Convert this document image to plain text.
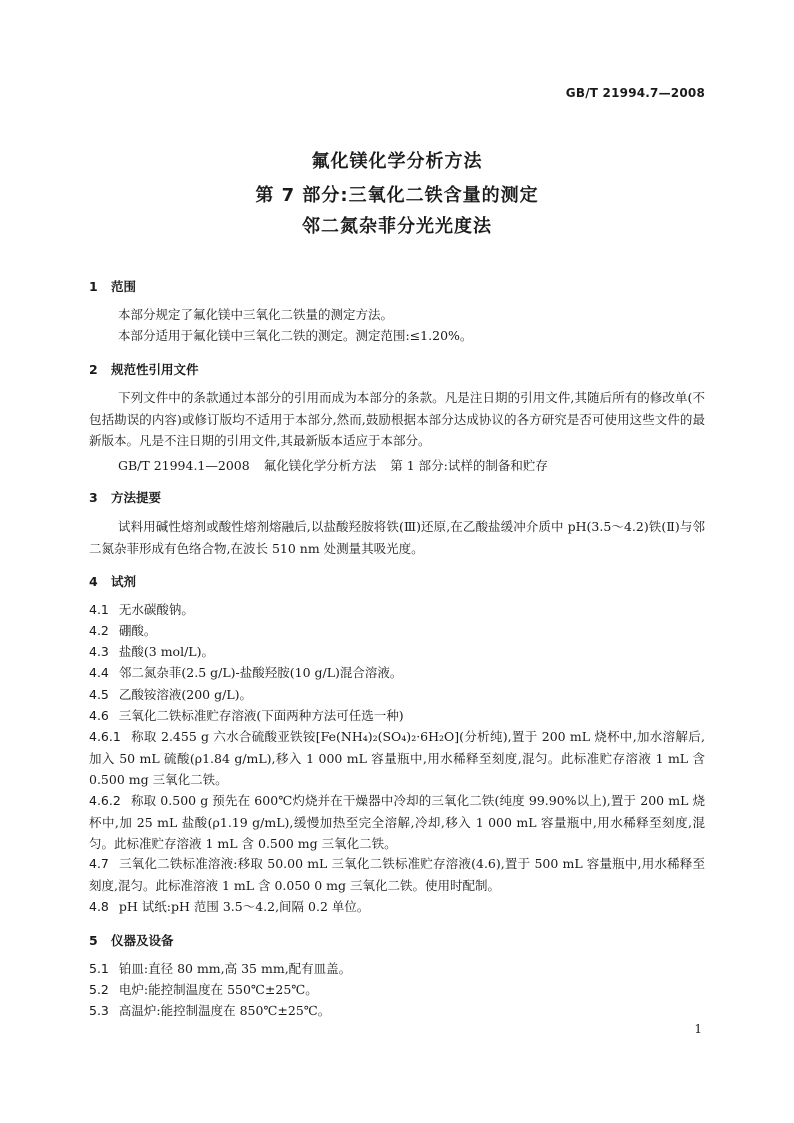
GB/T 21994.7—2008
氟化镁化学分析方法
第 7 部分:三氧化二铁含量的测定
邻二氮杂菲分光光度法
1 范围
本部分规定了氟化镁中三氧化二铁量的测定方法。
本部分适用于氟化镁中三氧化二铁的测定。测定范围:≤1.20%。
2 规范性引用文件
下列文件中的条款通过本部分的引用而成为本部分的条款。凡是注日期的引用文件,其随后所有的修改单(不包括勘误的内容)或修订版均不适用于本部分,然而,鼓励根据本部分达成协议的各方研究是否可使用这些文件的最新版本。凡是不注日期的引用文件,其最新版本适应于本部分。
GB/T 21994.1—2008 氟化镁化学分析方法 第 1 部分:试样的制备和贮存
3 方法提要
试料用碱性熔剂或酸性熔剂熔融后,以盐酸羟胺将铁(Ⅲ)还原,在乙酸盐缓冲介质中 pH(3.5～4.2)铁(Ⅱ)与邻二氮杂菲形成有色络合物,在波长 510 nm 处测量其吸光度。
4 试剂
4.1 无水碳酸钠。
4.2 硼酸。
4.3 盐酸(3 mol/L)。
4.4 邻二氮杂菲(2.5 g/L)-盐酸羟胺(10 g/L)混合溶液。
4.5 乙酸铵溶液(200 g/L)。
4.6 三氧化二铁标准贮存溶液(下面两种方法可任选一种)
4.6.1 称取 2.455 g 六水合硫酸亚铁铵[Fe(NH₄)₂(SO₄)₂·6H₂O](分析纯),置于 200 mL 烧杯中,加水溶解后,加入 50 mL 硫酸(ρ1.84 g/mL),移入 1 000 mL 容量瓶中,用水稀释至刻度,混匀。此标准贮存溶液 1 mL 含 0.500 mg 三氧化二铁。
4.6.2 称取 0.500 g 预先在 600℃灼烧并在干燥器中冷却的三氧化二铁(纯度 99.90%以上),置于 200 mL 烧杯中,加 25 mL 盐酸(ρ1.19 g/mL),缓慢加热至完全溶解,冷却,移入 1 000 mL 容量瓶中,用水稀释至刻度,混匀。此标准贮存溶液 1 mL 含 0.500 mg 三氧化二铁。
4.7 三氧化二铁标准溶液:移取 50.00 mL 三氧化二铁标准贮存溶液(4.6),置于 500 mL 容量瓶中,用水稀释至刻度,混匀。此标准溶液 1 mL 含 0.050 0 mg 三氧化二铁。使用时配制。
4.8 pH 试纸:pH 范围 3.5～4.2,间隔 0.2 单位。
5 仪器及设备
5.1 铂皿:直径 80 mm,高 35 mm,配有皿盖。
5.2 电炉:能控制温度在 550℃±25℃。
5.3 高温炉:能控制温度在 850℃±25℃。
1
